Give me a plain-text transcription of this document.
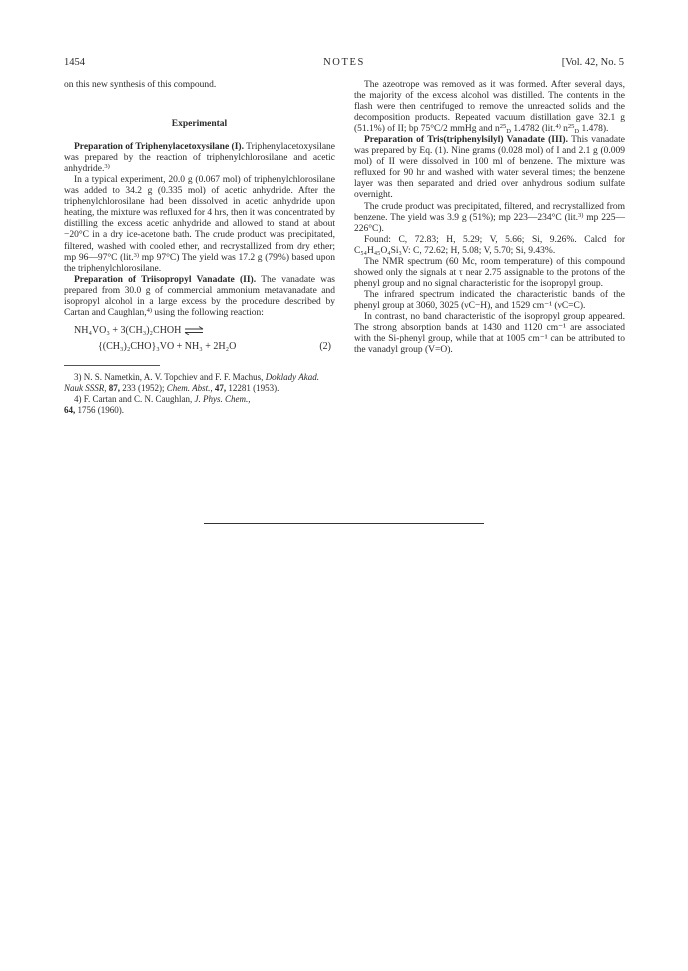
1454	NOTES	[Vol. 42, No. 5

on this new synthesis of this compound.

Experimental

Preparation of Triphenylacetoxysilane (I). Triphenylacetoxysilane was prepared by the reaction of triphenylchlorosilane and acetic anhydride.$^{3)}$

In a typical experiment, 20.0 g (0.067 mol) of triphenylchlorosilane was added to 34.2 g (0.335 mol) of acetic anhydride. After the triphenylchlorosilane had been dissolved in acetic anhydride upon heating, the mixture was refluxed for 4 hrs, then it was concentrated by distilling the excess acetic anhydride and allowed to stand at about −20°C in a dry ice-acetone bath. The crude product was precipitated, filtered, washed with cooled ether, and recrystallized from dry ether; mp 96—97°C (lit.$^{3)}$ mp 97°C) The yield was 17.2 g (79%) based upon the triphenylchlorosilane.

Preparation of Triisopropyl Vanadate (II). The vanadate was prepared from 30.0 g of commercial ammonium metavanadate and isopropyl alcohol in a large excess by the procedure described by Cartan and Caughlan,$^{4)}$ using the following reaction:

NH₄VO₃ + 3(CH₃)₂CHOH ⇌
{(CH₃)₂CHO}₃VO + NH₃ + 2H₂O	(2)

3) N. S. Nametkin, A. V. Topchiev and F. F. Machus, Doklady Akad. Nauk SSSR, 87, 233 (1952); Chem. Abst., 47, 12281 (1953).

4) F. Cartan and C. N. Caughlan, J. Phys. Chem.,
64, 1756 (1960).

The azeotrope was removed as it was formed. After several days, the majority of the excess alcohol was distilled. The contents in the flash were then centrifuged to remove the unreacted solids and the decomposition products. Repeated vacuum distillation gave 32.1 g (51.1%) of II; bp 75°C/2 mmHg and $n^{25}_D$ 1.4782 (lit.$^{4)}$ $n^{25}_D$ 1.478).

Preparation of Tris(triphenylsilyl) Vanadate (III). This vanadate was prepared by Eq. (1). Nine grams (0.028 mol) of I and 2.1 g (0.009 mol) of II were dissolved in 100 ml of benzene. The mixture was refluxed for 90 hr and washed with water several times; the benzene layer was then separated and dried over anhydrous sodium sulfate overnight.

The crude product was precipitated, filtered, and recrystallized from benzene. The yield was 3.9 g (51%); mp 223—234°C (lit.$^{3)}$ mp 225—226°C).

Found: C, 72.83; H, 5.29; V, 5.66; Si, 9.26%. Calcd for C₅₄H₄₅O₄Si₃V: C, 72.62; H, 5.08; V, 5.70; Si, 9.43%.

The NMR spectrum (60 Mc, room temperature) of this compound showed only the signals at τ near 2.75 assignable to the protons of the phenyl group and no signal characteristic for the isopropyl group.

The infrared spectrum indicated the characteristic bands of the phenyl group at 3060, 3025 (νC−H), and 1529 cm⁻¹ (νC=C).

In contrast, no band characteristic of the isopropyl group appeared. The strong absorption bands at 1430 and 1120 cm⁻¹ are associated with the Si-phenyl group, while that at 1005 cm⁻¹ can be attributed to the vanadyl group (V=O).
